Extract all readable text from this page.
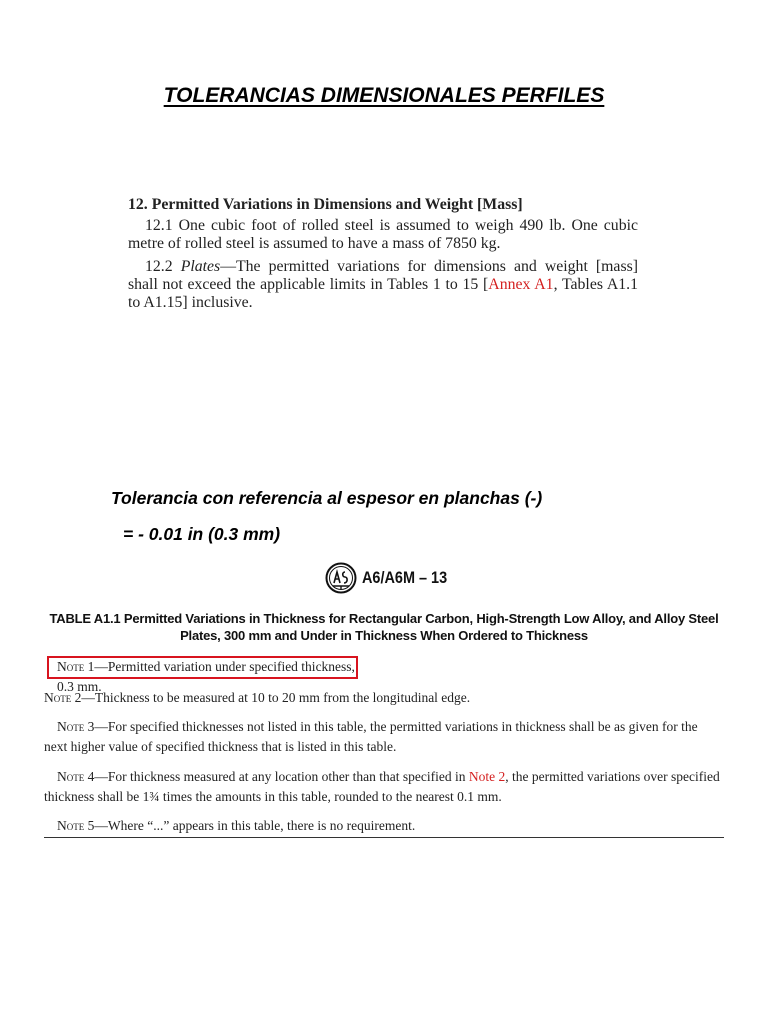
TOLERANCIAS DIMENSIONALES PERFILES

12. Permitted Variations in Dimensions and Weight [Mass]

12.1 One cubic foot of rolled steel is assumed to weigh 490 lb. One cubic metre of rolled steel is assumed to have a mass of 7850 kg.

12.2 Plates—The permitted variations for dimensions and weight [mass] shall not exceed the applicable limits in Tables 1 to 15 [Annex A1, Tables A1.1 to A1.15] inclusive.

Tolerancia con referencia al espesor en planchas (-)
= - 0.01 in (0.3 mm)
A6/A6M – 13
TABLE A1.1 Permitted Variations in Thickness for Rectangular Carbon, High-Strength Low Alloy, and Alloy Steel Plates, 300 mm and Under in Thickness When Ordered to Thickness
Note 1—Permitted variation under specified thickness, 0.3 mm.
Note 2—Thickness to be measured at 10 to 20 mm from the longitudinal edge.
Note 3—For specified thicknesses not listed in this table, the permitted variations in thickness shall be as given for the next higher value of specified thickness that is listed in this table.
Note 4—For thickness measured at any location other than that specified in Note 2, the permitted variations over specified thickness shall be 1¾ times the amounts in this table, rounded to the nearest 0.1 mm.
Note 5—Where “...” appears in this table, there is no requirement.
